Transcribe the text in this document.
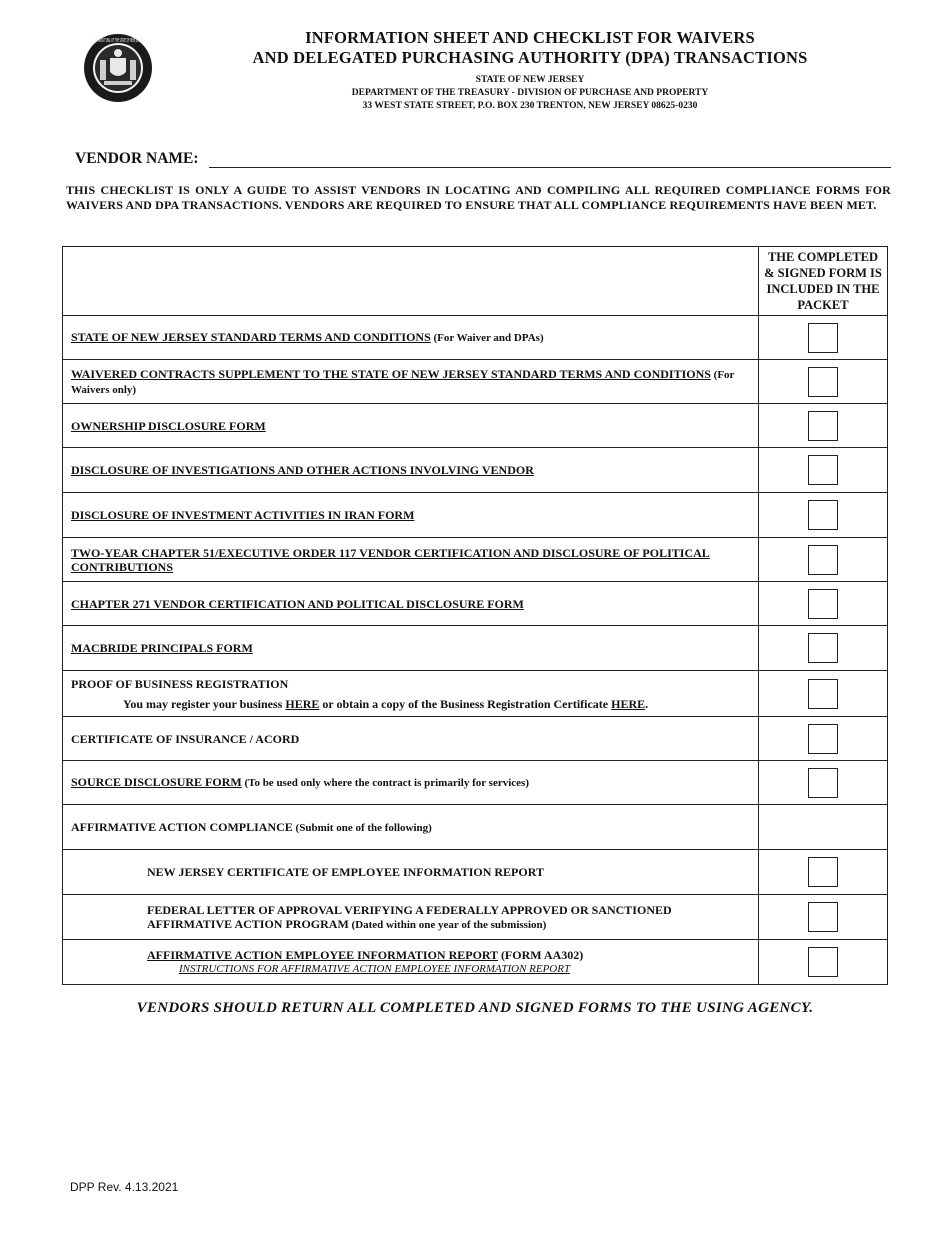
THE GREAT SEAL OF THE STATE OF NEW JERSEY	INFORMATION SHEET AND CHECKLIST FOR WAIVERS
AND DELEGATED PURCHASING AUTHORITY (DPA) TRANSACTIONS
STATE OF NEW JERSEY
DEPARTMENT OF THE TREASURY - DIVISION OF PURCHASE AND PROPERTY
33 WEST STATE STREET, P.O. BOX 230 TRENTON, NEW JERSEY 08625-0230
VENDOR NAME:
THIS CHECKLIST IS ONLY A GUIDE TO ASSIST VENDORS IN LOCATING AND COMPILING ALL REQUIRED COMPLIANCE FORMS FOR WAIVERS AND DPA TRANSACTIONS. VENDORS ARE REQUIRED TO ENSURE THAT ALL COMPLIANCE REQUIREMENTS HAVE BEEN MET.

	THE COMPLETED & SIGNED FORM IS INCLUDED IN THE PACKET

STATE OF NEW JERSEY STANDARD TERMS AND CONDITIONS (For Waiver and DPAs)	
WAIVERED CONTRACTS SUPPLEMENT TO THE STATE OF NEW JERSEY STANDARD TERMS AND CONDITIONS (For Waivers only)	
OWNERSHIP DISCLOSURE FORM	
DISCLOSURE OF INVESTIGATIONS AND OTHER ACTIONS INVOLVING VENDOR	
DISCLOSURE OF INVESTMENT ACTIVITIES IN IRAN FORM	
TWO-YEAR CHAPTER 51/EXECUTIVE ORDER 117 VENDOR CERTIFICATION AND DISCLOSURE OF POLITICAL CONTRIBUTIONS	
CHAPTER 271 VENDOR CERTIFICATION AND POLITICAL DISCLOSURE FORM	
MACBRIDE PRINCIPALS FORM	

PROOF OF BUSINESS REGISTRATION
You may register your business HERE or obtain a copy of the Business Registration Certificate HERE.	

CERTIFICATE OF INSURANCE / ACORD	
SOURCE DISCLOSURE FORM (To be used only where the contract is primarily for services)	
AFFIRMATIVE ACTION COMPLIANCE (Submit one of the following)	
NEW JERSEY CERTIFICATE OF EMPLOYEE INFORMATION REPORT	
FEDERAL LETTER OF APPROVAL VERIFYING A FEDERALLY APPROVED OR SANCTIONED AFFIRMATIVE ACTION PROGRAM (Dated within one year of the submission)	
AFFIRMATIVE ACTION EMPLOYEE INFORMATION REPORT (FORM AA302)
INSTRUCTIONS FOR AFFIRMATIVE ACTION EMPLOYEE INFORMATION REPORT	

VENDORS SHOULD RETURN ALL COMPLETED AND SIGNED FORMS TO THE USING AGENCY.
DPP Rev. 4.13.2021
